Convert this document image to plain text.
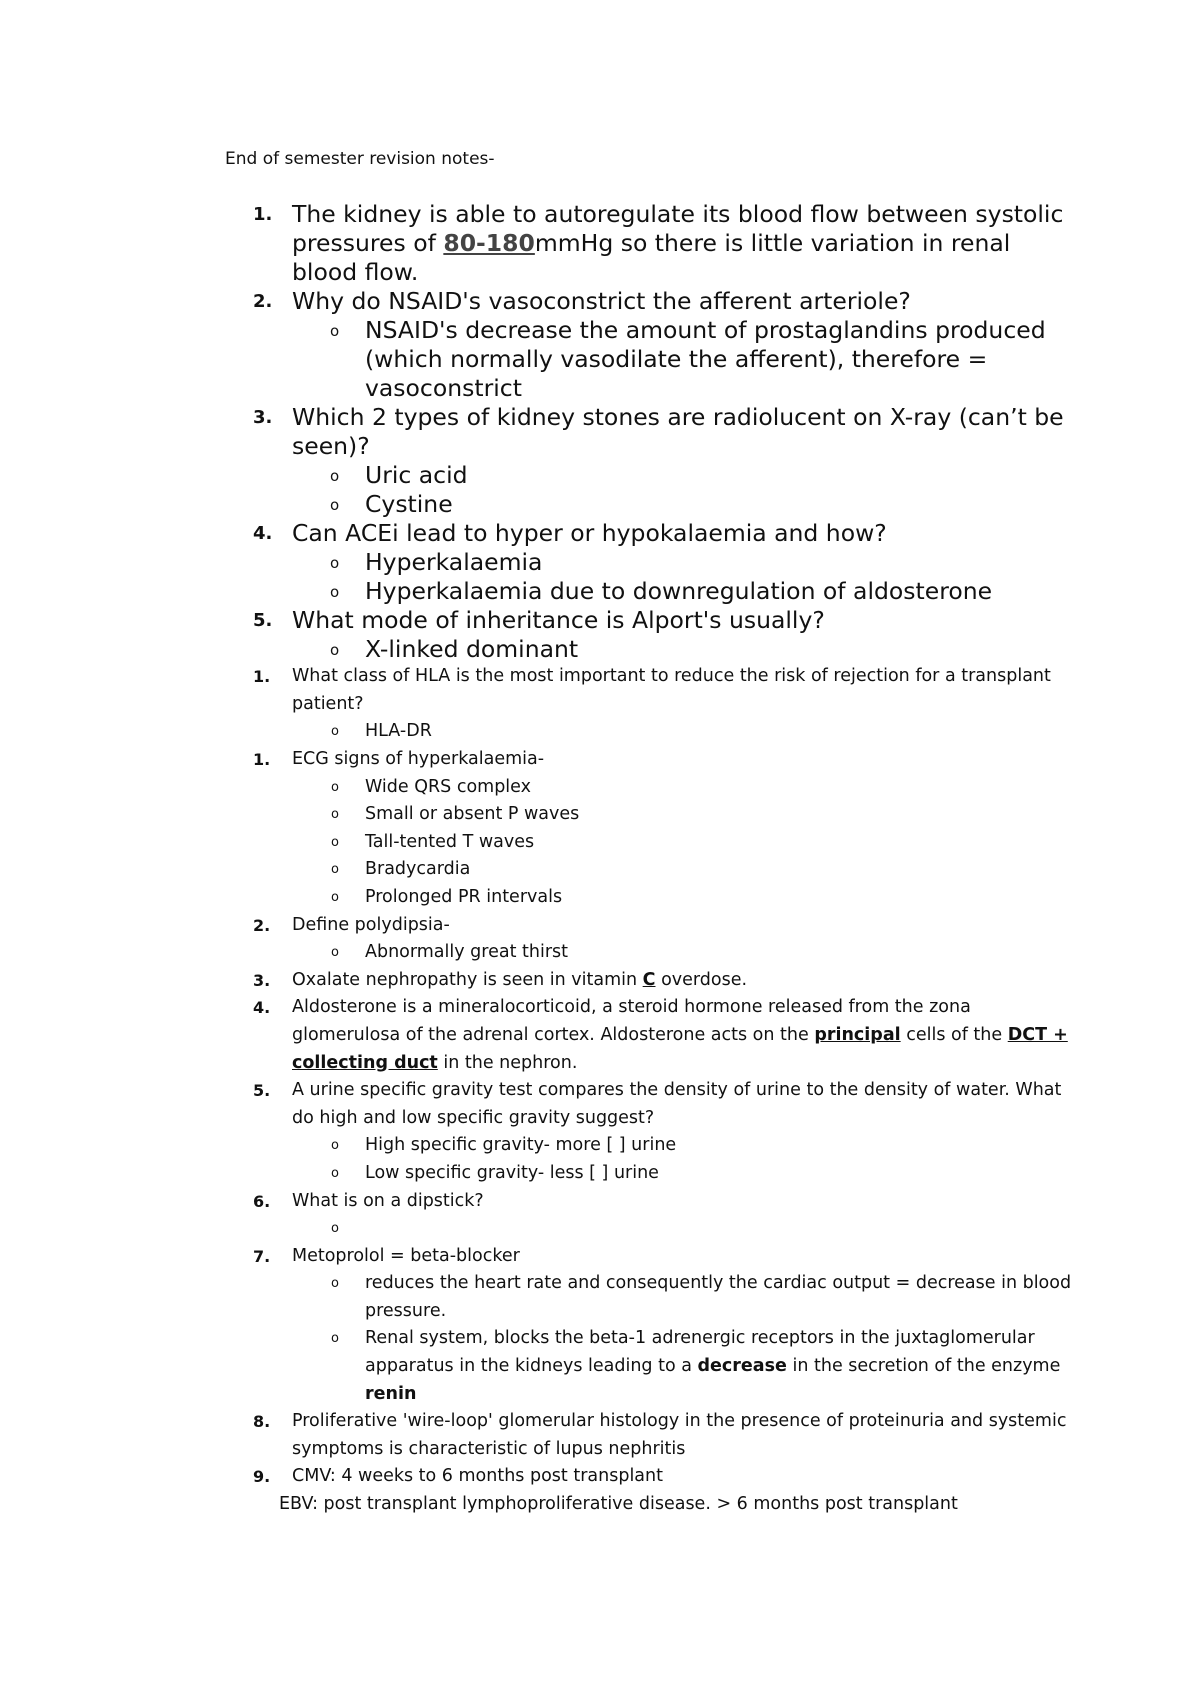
End of semester revision notes-
1. The kidney is able to autoregulate its blood flow between systolic pressures of 80-180mmHg so there is little variation in renal blood flow.
2. Why do NSAID's vasoconstrict the afferent arteriole?
o NSAID's decrease the amount of prostaglandins produced (which normally vasodilate the afferent), therefore = vasoconstrict
3. Which 2 types of kidney stones are radiolucent on X-ray (can’t be seen)?
o Uric acid
o Cystine
4. Can ACEi lead to hyper or hypokalaemia and how?
o Hyperkalaemia
o Hyperkalaemia due to downregulation of aldosterone
5. What mode of inheritance is Alport's usually?
o X-linked dominant
1. What class of HLA is the most important to reduce the risk of rejection for a transplant patient?
o HLA-DR
1. ECG signs of hyperkalaemia-
o Wide QRS complex
o Small or absent P waves
o Tall-tented T waves
o Bradycardia
o Prolonged PR intervals
2. Define polydipsia-
o Abnormally great thirst
3. Oxalate nephropathy is seen in vitamin C overdose.
4. Aldosterone is a mineralocorticoid, a steroid hormone released from the zona glomerulosa of the adrenal cortex. Aldosterone acts on the principal cells of the DCT + collecting duct in the nephron.
5. A urine specific gravity test compares the density of urine to the density of water. What do high and low specific gravity suggest?
o High specific gravity- more [ ] urine
o Low specific gravity- less [ ] urine
6. What is on a dipstick?
o
7. Metoprolol = beta-blocker
o reduces the heart rate and consequently the cardiac output = decrease in blood pressure.
o Renal system, blocks the beta-1 adrenergic receptors in the juxtaglomerular apparatus in the kidneys leading to a decrease in the secretion of the enzyme renin
8. Proliferative 'wire-loop' glomerular histology in the presence of proteinuria and systemic symptoms is characteristic of lupus nephritis
9. CMV: 4 weeks to 6 months post transplant
EBV: post transplant lymphoproliferative disease. > 6 months post transplant
